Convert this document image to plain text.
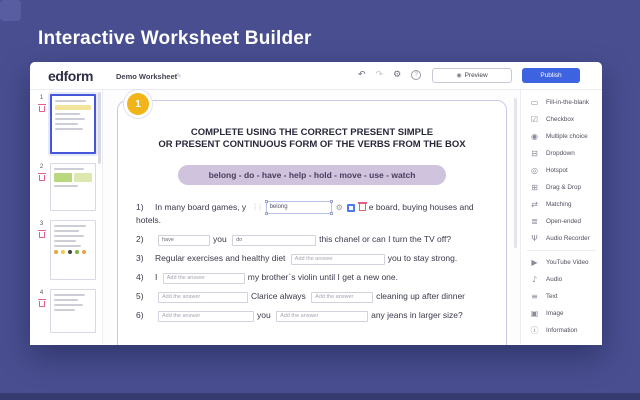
Interactive Worksheet Builder
edform	Demo Worksheet
✎	↶ ↷ ⚙	?	◉ Preview	Publish
1
2
3
4
1
COMPLETE USING THE CORRECT PRESENT SIMPLE
OR PRESENT CONTINUOUS FORM OF THE VERBS FROM THE BOX
belong - do - have - help - hold - move - use - watch
1) In many board games, y ⋮⋮ belong	⚙	e board, buying houses and hotels.
2)have	you do	this chanel or can I turn the TV off?
3) Regular exercises and healthy diet Add the answer	you to stay strong.
4) I Add the answer	my brother`s violin until I get a new one.
5)Add the answer	Clarice always Add the answer	cleaning up after dinner
6)Add the answer	you Add the answer	any jeans in larger size?
▭ Fill-in-the-blank
☑	Checkbox
◉	Multiple choice
⊟	Dropdown
◎	Hotspot
⊞	Drag & Drop
⇄	Matching
≣	Open-ended
Ψ	Audio Recorder
▶	YouTube Video
♪	Audio
≡	Text
▣ Image
ⓘ Information
